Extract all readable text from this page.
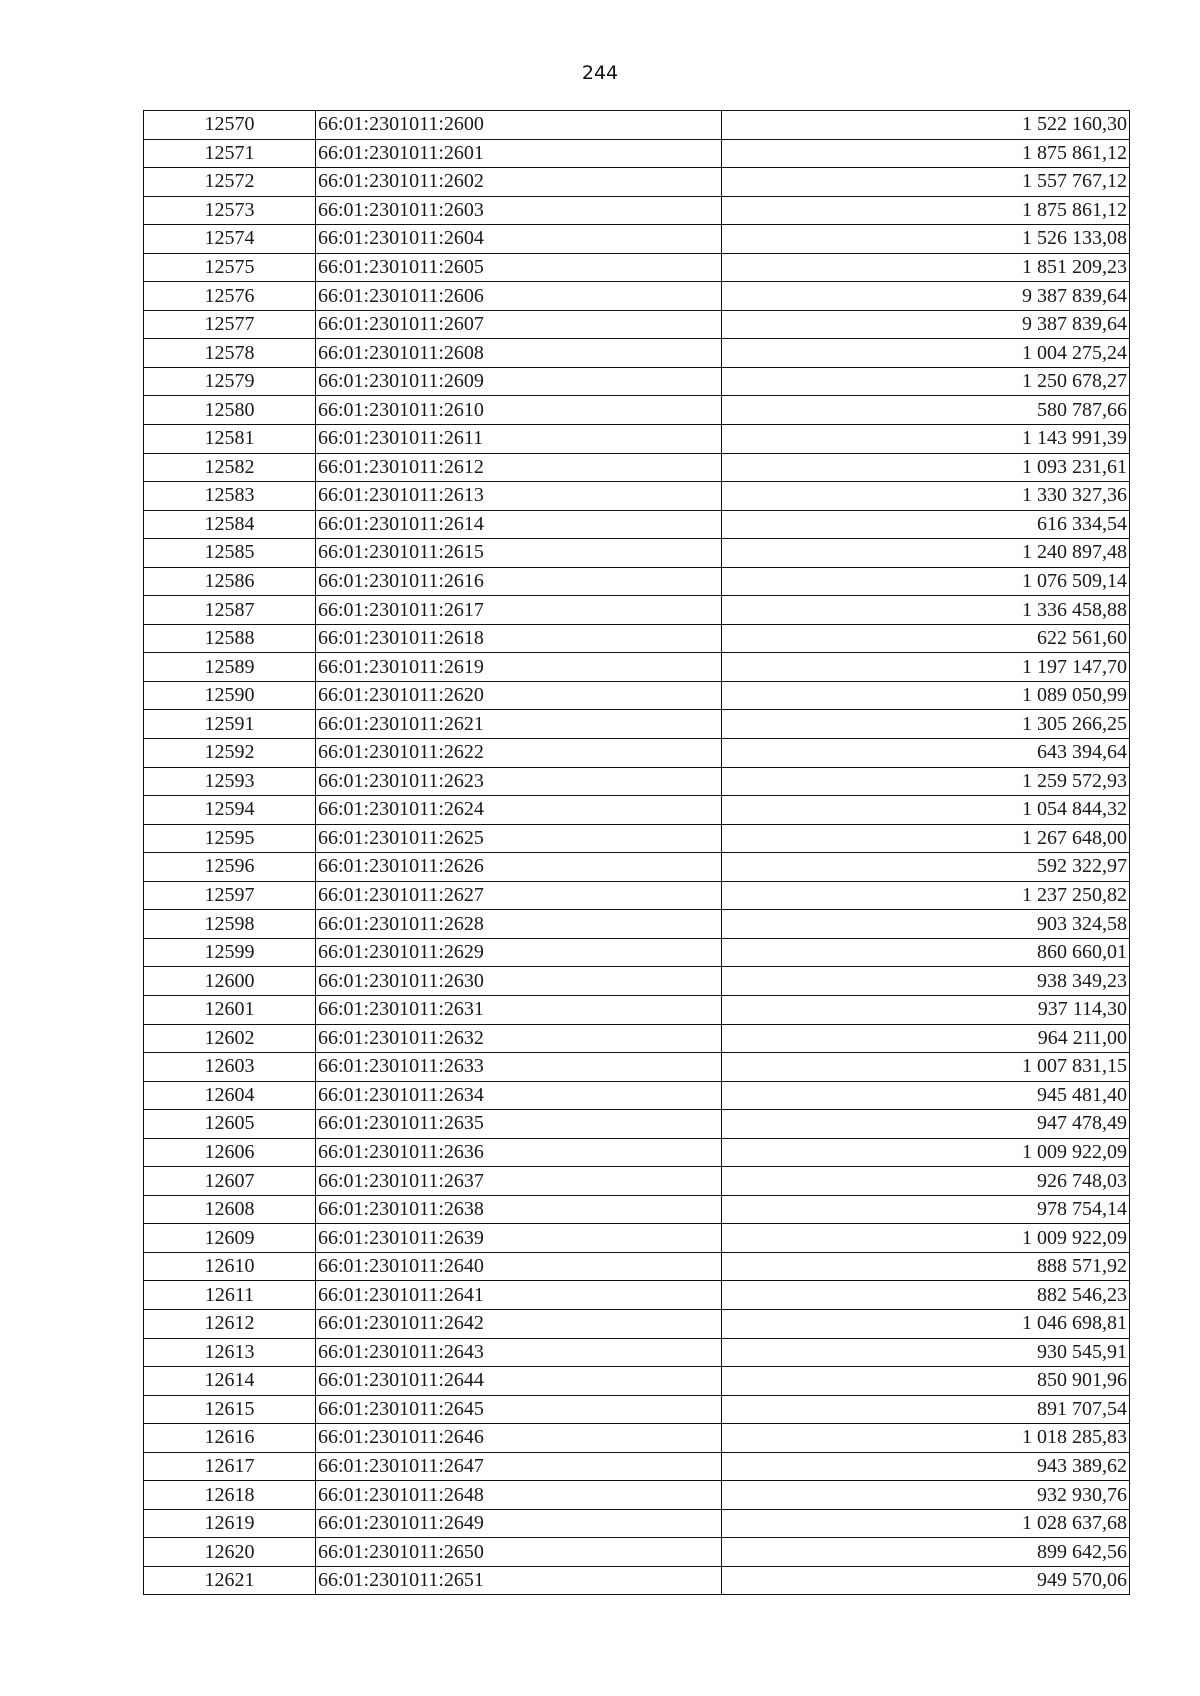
244
12570	66:01:2301011:2600	1 522 160,30
12571	66:01:2301011:2601	1 875 861,12
12572	66:01:2301011:2602	1 557 767,12
12573	66:01:2301011:2603	1 875 861,12
12574	66:01:2301011:2604	1 526 133,08
12575	66:01:2301011:2605	1 851 209,23
12576	66:01:2301011:2606	9 387 839,64
12577	66:01:2301011:2607	9 387 839,64
12578	66:01:2301011:2608	1 004 275,24
12579	66:01:2301011:2609	1 250 678,27
12580	66:01:2301011:2610	580 787,66
12581	66:01:2301011:2611	1 143 991,39
12582	66:01:2301011:2612	1 093 231,61
12583	66:01:2301011:2613	1 330 327,36
12584	66:01:2301011:2614	616 334,54
12585	66:01:2301011:2615	1 240 897,48
12586	66:01:2301011:2616	1 076 509,14
12587	66:01:2301011:2617	1 336 458,88
12588	66:01:2301011:2618	622 561,60
12589	66:01:2301011:2619	1 197 147,70
12590	66:01:2301011:2620	1 089 050,99
12591	66:01:2301011:2621	1 305 266,25
12592	66:01:2301011:2622	643 394,64
12593	66:01:2301011:2623	1 259 572,93
12594	66:01:2301011:2624	1 054 844,32
12595	66:01:2301011:2625	1 267 648,00
12596	66:01:2301011:2626	592 322,97
12597	66:01:2301011:2627	1 237 250,82
12598	66:01:2301011:2628	903 324,58
12599	66:01:2301011:2629	860 660,01
12600	66:01:2301011:2630	938 349,23
12601	66:01:2301011:2631	937 114,30
12602	66:01:2301011:2632	964 211,00
12603	66:01:2301011:2633	1 007 831,15
12604	66:01:2301011:2634	945 481,40
12605	66:01:2301011:2635	947 478,49
12606	66:01:2301011:2636	1 009 922,09
12607	66:01:2301011:2637	926 748,03
12608	66:01:2301011:2638	978 754,14
12609	66:01:2301011:2639	1 009 922,09
12610	66:01:2301011:2640	888 571,92
12611	66:01:2301011:2641	882 546,23
12612	66:01:2301011:2642	1 046 698,81
12613	66:01:2301011:2643	930 545,91
12614	66:01:2301011:2644	850 901,96
12615	66:01:2301011:2645	891 707,54
12616	66:01:2301011:2646	1 018 285,83
12617	66:01:2301011:2647	943 389,62
12618	66:01:2301011:2648	932 930,76
12619	66:01:2301011:2649	1 028 637,68
12620	66:01:2301011:2650	899 642,56
12621	66:01:2301011:2651	949 570,06
